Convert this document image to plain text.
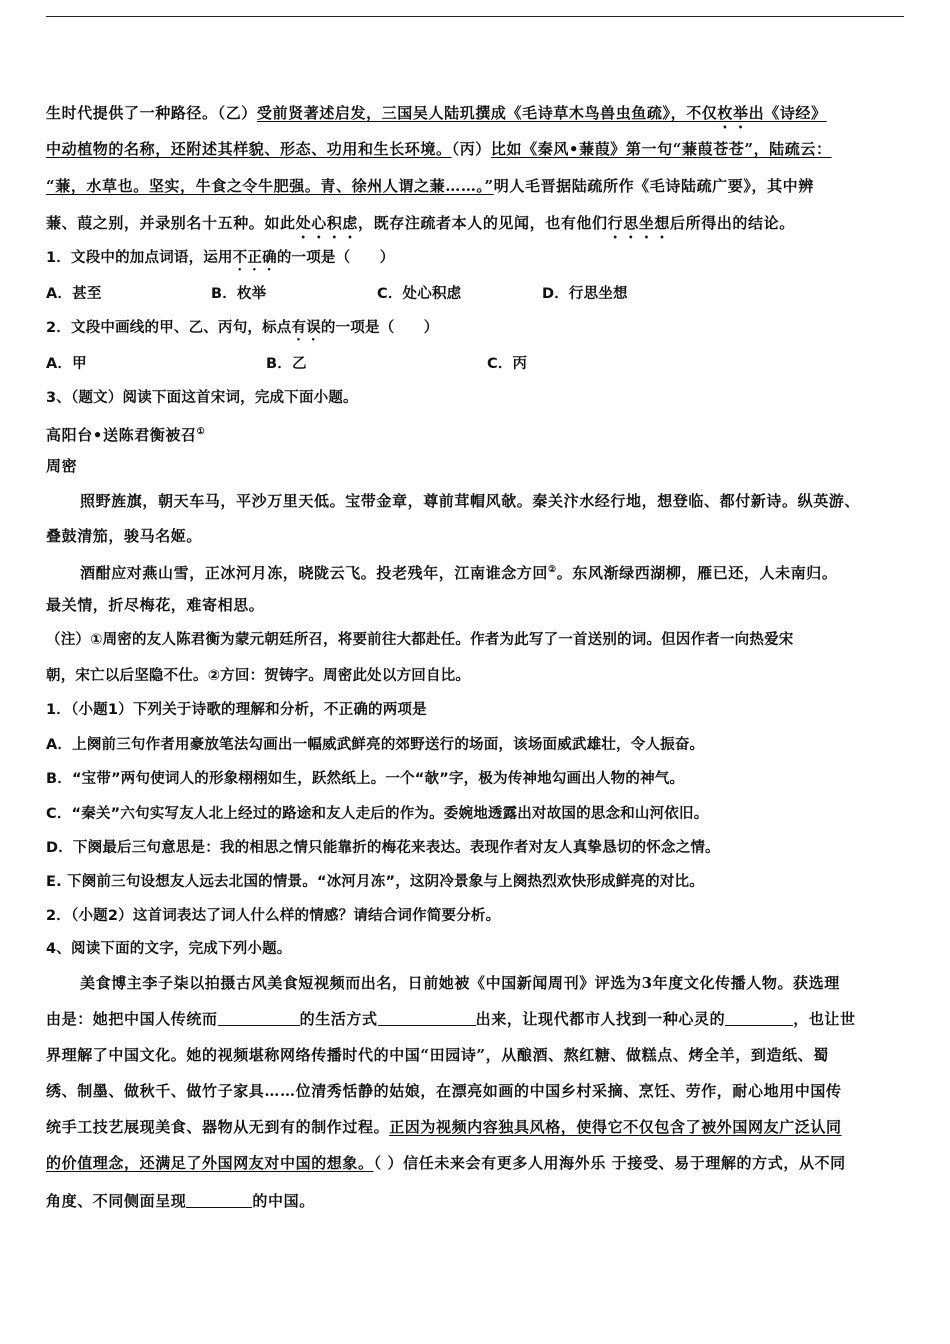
生时代提供了一种路径。（乙）受前贤著述启发，三国吴人陆玑撰成《毛诗草木鸟兽虫鱼疏》，不仅枚举出《诗经》
中动植物的名称，还附述其样貌、形态、功用和生长环境。（丙）比如《秦风•蒹葭》第一句“蒹葭苍苍”，陆疏云：
“蒹，水草也。坚实，牛食之令牛肥强。青、徐州人谓之蒹……。”明人毛晋据陆疏所作《毛诗陆疏广要》，其中辨
蒹、葭之别，并录别名十五种。如此处心积虑，既存注疏者本人的见闻，也有他们行思坐想后所得出的结论。
1．文段中的加点词语，运用不正确的一项是（　　）
A．甚至	B．枚举	C．处心积虑	D．行思坐想
2．文段中画线的甲、乙、丙句，标点有误的一项是（　　）
A．甲	B．乙	C．丙
3、（题文）阅读下面这首宋词，完成下面小题。
高阳台•送陈君衡被召①
周密
照野旌旗，朝天车马，平沙万里天低。宝带金章，尊前茸帽风欹。秦关汴水经行地，想登临、都付新诗。纵英游、
叠鼓清笳，骏马名姬。
酒酣应对燕山雪，正冰河月冻，晓陇云飞。投老残年，江南谁念方回②。东风渐绿西湖柳，雁已还，人未南归。
最关情，折尽梅花，难寄相思。
（注）①周密的友人陈君衡为蒙元朝廷所召，将要前往大都赴任。作者为此写了一首送别的词。但因作者一向热爱宋
朝，宋亡以后坚隐不仕。②方回：贺铸字。周密此处以方回自比。
1．（小题1）下列关于诗歌的理解和分析，不正确的两项是
A．上阕前三句作者用豪放笔法勾画出一幅威武鲜亮的郊野送行的场面，该场面威武雄壮，令人振奋。
B．“宝带”两句使词人的形象栩栩如生，跃然纸上。一个“欹”字，极为传神地勾画出人物的神气。
C．“秦关”六句实写友人北上经过的路途和友人走后的作为。委婉地透露出对故国的思念和山河依旧。
D．下阕最后三句意思是：我的相思之情只能靠折的梅花来表达。表现作者对友人真挚恳切的怀念之情。
E. 下阕前三句设想友人远去北国的情景。“冰河月冻”，这阴冷景象与上阕热烈欢快形成鲜亮的对比。
2．（小题2）这首词表达了词人什么样的情感？请结合词作简要分析。
4、阅读下面的文字，完成下列小题。
美食博主李子柒以拍摄古风美食短视频而出名，日前她被《中国新闻周刊》评选为3年度文化传播人物。获选理
由是：她把中国人传统而	的生活方式	出来，让现代都市人找到一种心灵的	，也让世
界理解了中国文化。她的视频堪称网络传播时代的中国“田园诗”，从酿酒、熬红糖、做糕点、烤全羊，到造纸、蜀
绣、制墨、做秋千、做竹子家具……位清秀恬静的姑娘，在漂亮如画的中国乡村采摘、烹饪、劳作，耐心地用中国传
统手工技艺展现美食、器物从无到有的制作过程。正因为视频内容独具风格，使得它不仅包含了被外国网友广泛认同
的价值理念，还满足了外国网友对中国的想象。（ ）信任未来会有更多人用海外乐 于接受、易于理解的方式，从不同
角度、不同侧面呈现	的中国。
